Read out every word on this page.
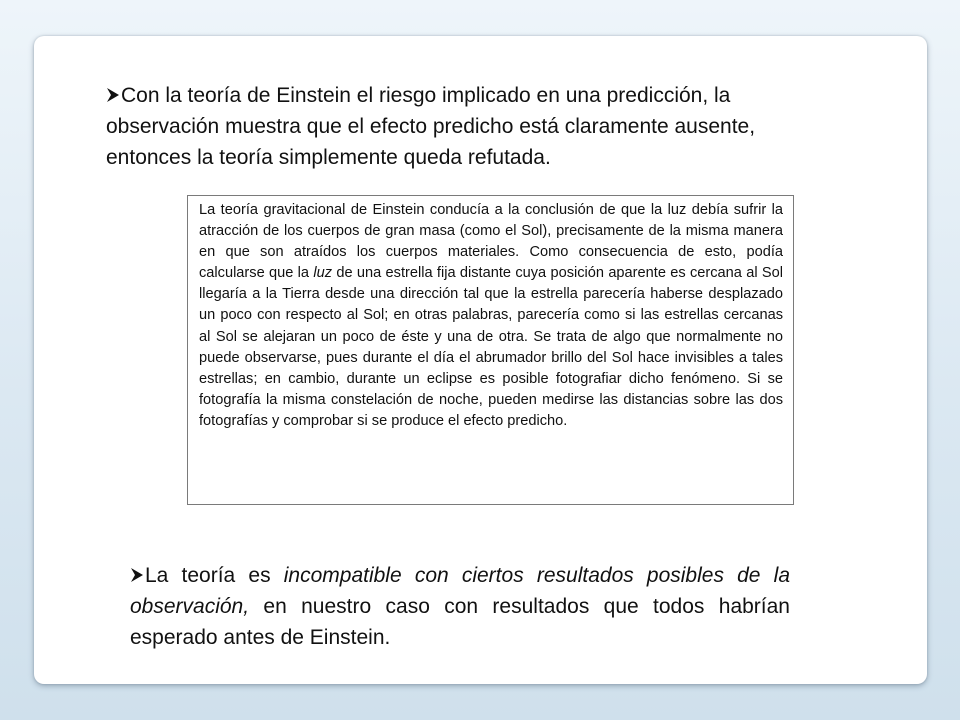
Con la teoría de Einstein el riesgo implicado en una predicción, la observación muestra que el efecto predicho está claramente ausente, entonces la teoría simplemente queda refutada.
La teoría gravitacional de Einstein conducía a la conclusión de que la luz debía sufrir la atracción de los cuerpos de gran masa (como el Sol), precisamente de la misma manera en que son atraídos los cuerpos materiales. Como consecuencia de esto, podía calcularse que la luz de una estrella fija distante cuya posición aparente es cercana al Sol llegaría a la Tierra desde una dirección tal que la estrella parecería haberse desplazado un poco con respecto al Sol; en otras palabras, parecería como si las estrellas cercanas al Sol se alejaran un poco de éste y una de otra. Se trata de algo que normalmente no puede observarse, pues durante el día el abrumador brillo del Sol hace invisibles a tales estrellas; en cambio, durante un eclipse es posible fotografiar dicho fenómeno. Si se fotografía la misma constelación de noche, pueden medirse las distancias sobre las dos fotografías y comprobar si se produce el efecto predicho.
La teoría es incompatible con ciertos resultados posibles de la observación, en nuestro caso con resultados que todos habrían esperado antes de Einstein.
